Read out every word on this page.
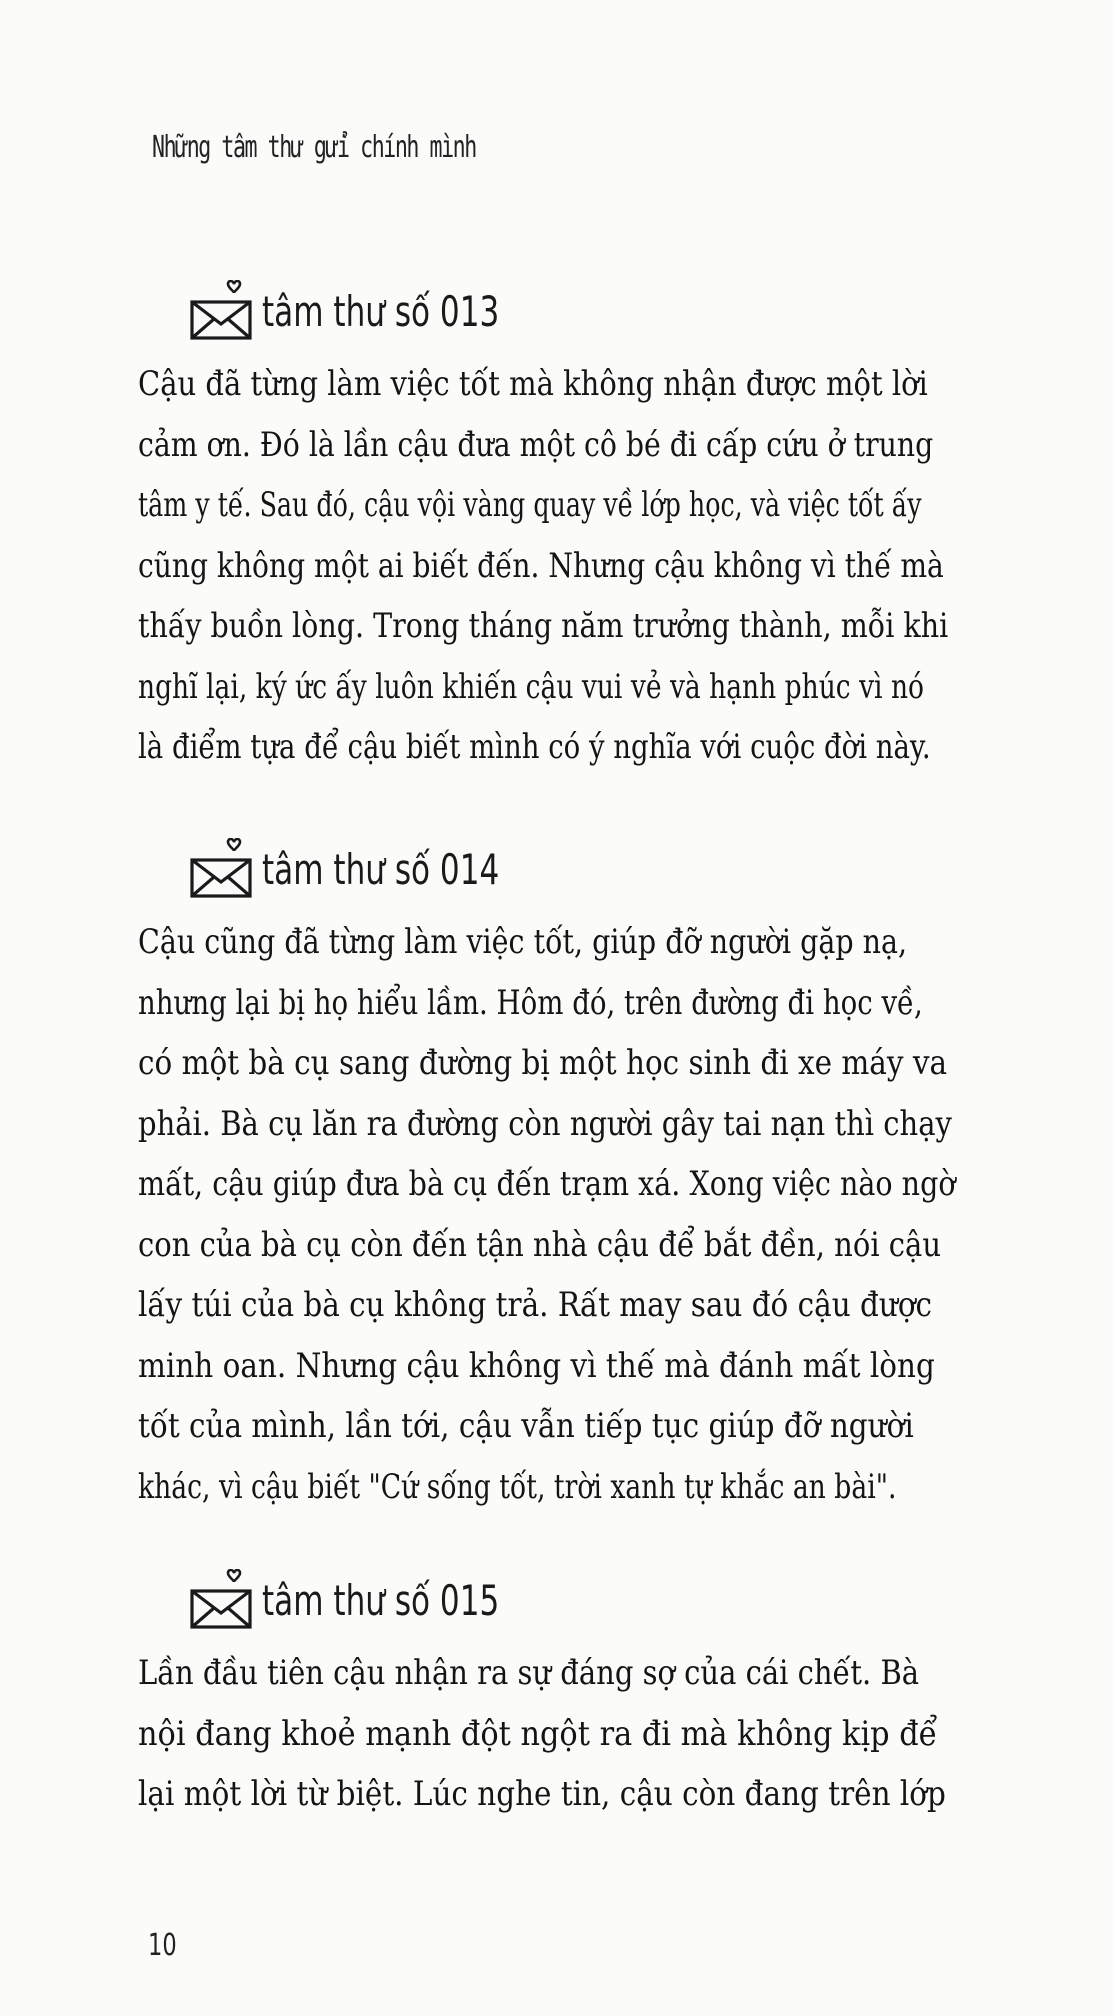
Những tâm thư gửi chính mình
tâm thư số 013
Cậu đã từng làm việc tốt mà không nhận được một lời
cảm ơn. Đó là lần cậu đưa một cô bé đi cấp cứu ở trung
tâm y tế. Sau đó, cậu vội vàng quay về lớp học, và việc tốt ấy
cũng không một ai biết đến. Nhưng cậu không vì thế mà
thấy buồn lòng. Trong tháng năm trưởng thành, mỗi khi
nghĩ lại, ký ức ấy luôn khiến cậu vui vẻ và hạnh phúc vì nó
là điểm tựa để cậu biết mình có ý nghĩa với cuộc đời này.
tâm thư số 014
Cậu cũng đã từng làm việc tốt, giúp đỡ người gặp nạ,
nhưng lại bị họ hiểu lầm. Hôm đó, trên đường đi học về,
có một bà cụ sang đường bị một học sinh đi xe máy va
phải. Bà cụ lăn ra đường còn người gây tai nạn thì chạy
mất, cậu giúp đưa bà cụ đến trạm xá. Xong việc nào ngờ
con của bà cụ còn đến tận nhà cậu để bắt đền, nói cậu
lấy túi của bà cụ không trả. Rất may sau đó cậu được
minh oan. Nhưng cậu không vì thế mà đánh mất lòng
tốt của mình, lần tới, cậu vẫn tiếp tục giúp đỡ người
khác, vì cậu biết "Cứ sống tốt, trời xanh tự khắc an bài".
tâm thư số 015
Lần đầu tiên cậu nhận ra sự đáng sợ của cái chết. Bà
nội đang khoẻ mạnh đột ngột ra đi mà không kịp để
lại một lời từ biệt. Lúc nghe tin, cậu còn đang trên lớp
10
